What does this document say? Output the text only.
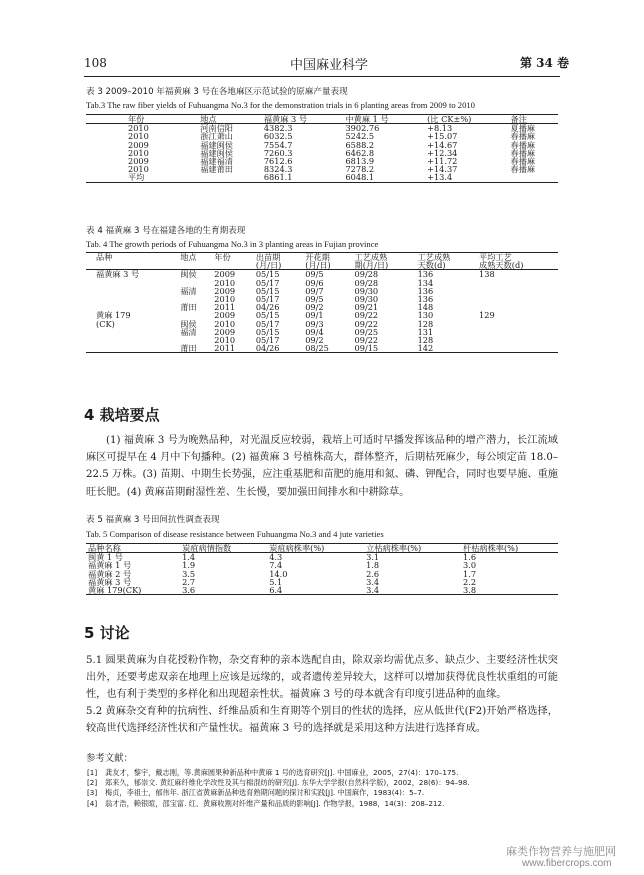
108	中国麻业科学	第 34 卷
表 3 2009–2010 年福黄麻 3 号在各地麻区示范试验的原麻产量表现
Tab.3 The raw fiber yields of Fuhuangma No.3 for the demonstration trials in 6 planting areas from 2009 to 2010
年份	地点	福黄麻 3 号	中黄麻 1 号	(比 CK±%)	备注
2010	河南信阳	4382.3	3902.76	+8.13	夏播麻
2010	浙江萧山	6032.5	5242.5	+15.07	春播麻
2009	福建闽侯	7554.7	6588.2	+14.67	春播麻
2010	福建闽侯	7260.3	6462.8	+12.34	春播麻
2009	福建福清	7612.6	6813.9	+11.72	春播麻
2010	福建莆田	8324.3	7278.2	+14.37	春播麻
平均		6861.1	6048.1	+13.4	
表 4 福黄麻 3 号在福建各地的生育期表现
Tab. 4 The growth periods of Fuhuangma No.3 in 3 planting areas in Fujian province
品种	地点	年份	出苗期	开花期	工艺成熟	工艺成熟	平均工艺
			(月/日)	(月/日)	期(月/日)	天数(d)	成熟天数(d)
福黄麻 3 号	闽侯	2009	05/15	09/5	09/28	136	138
		2010	05/17	09/6	09/28	134	
	福清	2009	05/15	09/7	09/30	136	
		2010	05/17	09/5	09/30	136	
	莆田	2011	04/26	09/2	09/21	148	
黄麻 179		2009	05/15	09/1	09/22	130	129
(CK)	闽侯	2010	05/17	09/3	09/22	128	
	福清	2009	05/15	09/4	09/25	131	
		2010	05/17	09/2	09/22	128	
	莆田	2011	04/26	08/25	09/15	142	
4 栽培要点
(1) 福黄麻 3 号为晚熟品种，对光温反应较弱，栽培上可适时早播发挥该品种的增产潜力，长江流域麻区可提早在 4 月中下旬播种。(2) 福黄麻 3 号植株高大，群体整齐，后期枯死麻少，每公顷定苗 18.0–22.5 万株。(3) 苗期、中期生长势强，应注重基肥和苗肥的施用和氮、磷、钾配合，同时也要早施、重施旺长肥。(4) 黄麻苗期耐湿性差、生长慢，要加强田间排水和中耕除草。
表 5 福黄麻 3 号田间抗性调查表现
Tab. 5 Comparison of disease resistance between Fuhuangma No.3 and 4 jute varieties
品种名称	炭疽病情指数	炭疽病株率(%)	立枯病株率(%)	杆枯病株率(%)
闽黄 1 号	1.4	4.3	3.1	1.6
福黄麻 1 号	1.9	7.4	1.8	3.0
福黄麻 2 号	3.5	14.0	2.6	1.7
福黄麻 3 号	2.7	5.1	3.4	2.2
黄麻 179(CK)	3.6	6.4	3.4	3.8
5 讨论
5.1 圆果黄麻为自花授粉作物，杂交育种的亲本选配自由，除双亲均需优点多、缺点少、主要经济性状突出外，还要考虑双亲在地理上应该是远缘的，或者遗传差异较大，这样可以增加获得优良性状重组的可能性，也有利于类型的多样化和出现超亲性状。福黄麻 3 号的母本就含有印度引进品种的血缘。
5.2 黄麻杂交育种的抗病性、纤维品质和生育期等个别目的性状的选择，应从低世代(F2)开始严格选择，较高世代选择经济性状和产量性状。福黄麻 3 号的选择就是采用这种方法进行选择育成。
参考文献：
[1] 龚友才，黎宇，戴志刚，等.黄麻圆果种新品种中黄麻 1 号的选育研究[J]. 中国麻业，2005，27(4)：170–175.
[2] 郑来久，郁崇文. 黄红麻纤维化学改性及其与棉混纺的研究[J]. 东华大学学报(自然科学版)，2002，28(6)：94–98.
[3] 梅贞，李祖士，郁伟年. 浙江省黄麻新品种选育熟期问题的探讨和实践[J]. 中国麻作，1983(4)：5–7.
[4] 翁才浩，赖银暄，邵宝富. 红、黄麻收割对纤维产量和品质的影响[J]. 作物学报，1988，14(3)：208–212.
麻类作物营养与施肥网
www.fibercrops.com
